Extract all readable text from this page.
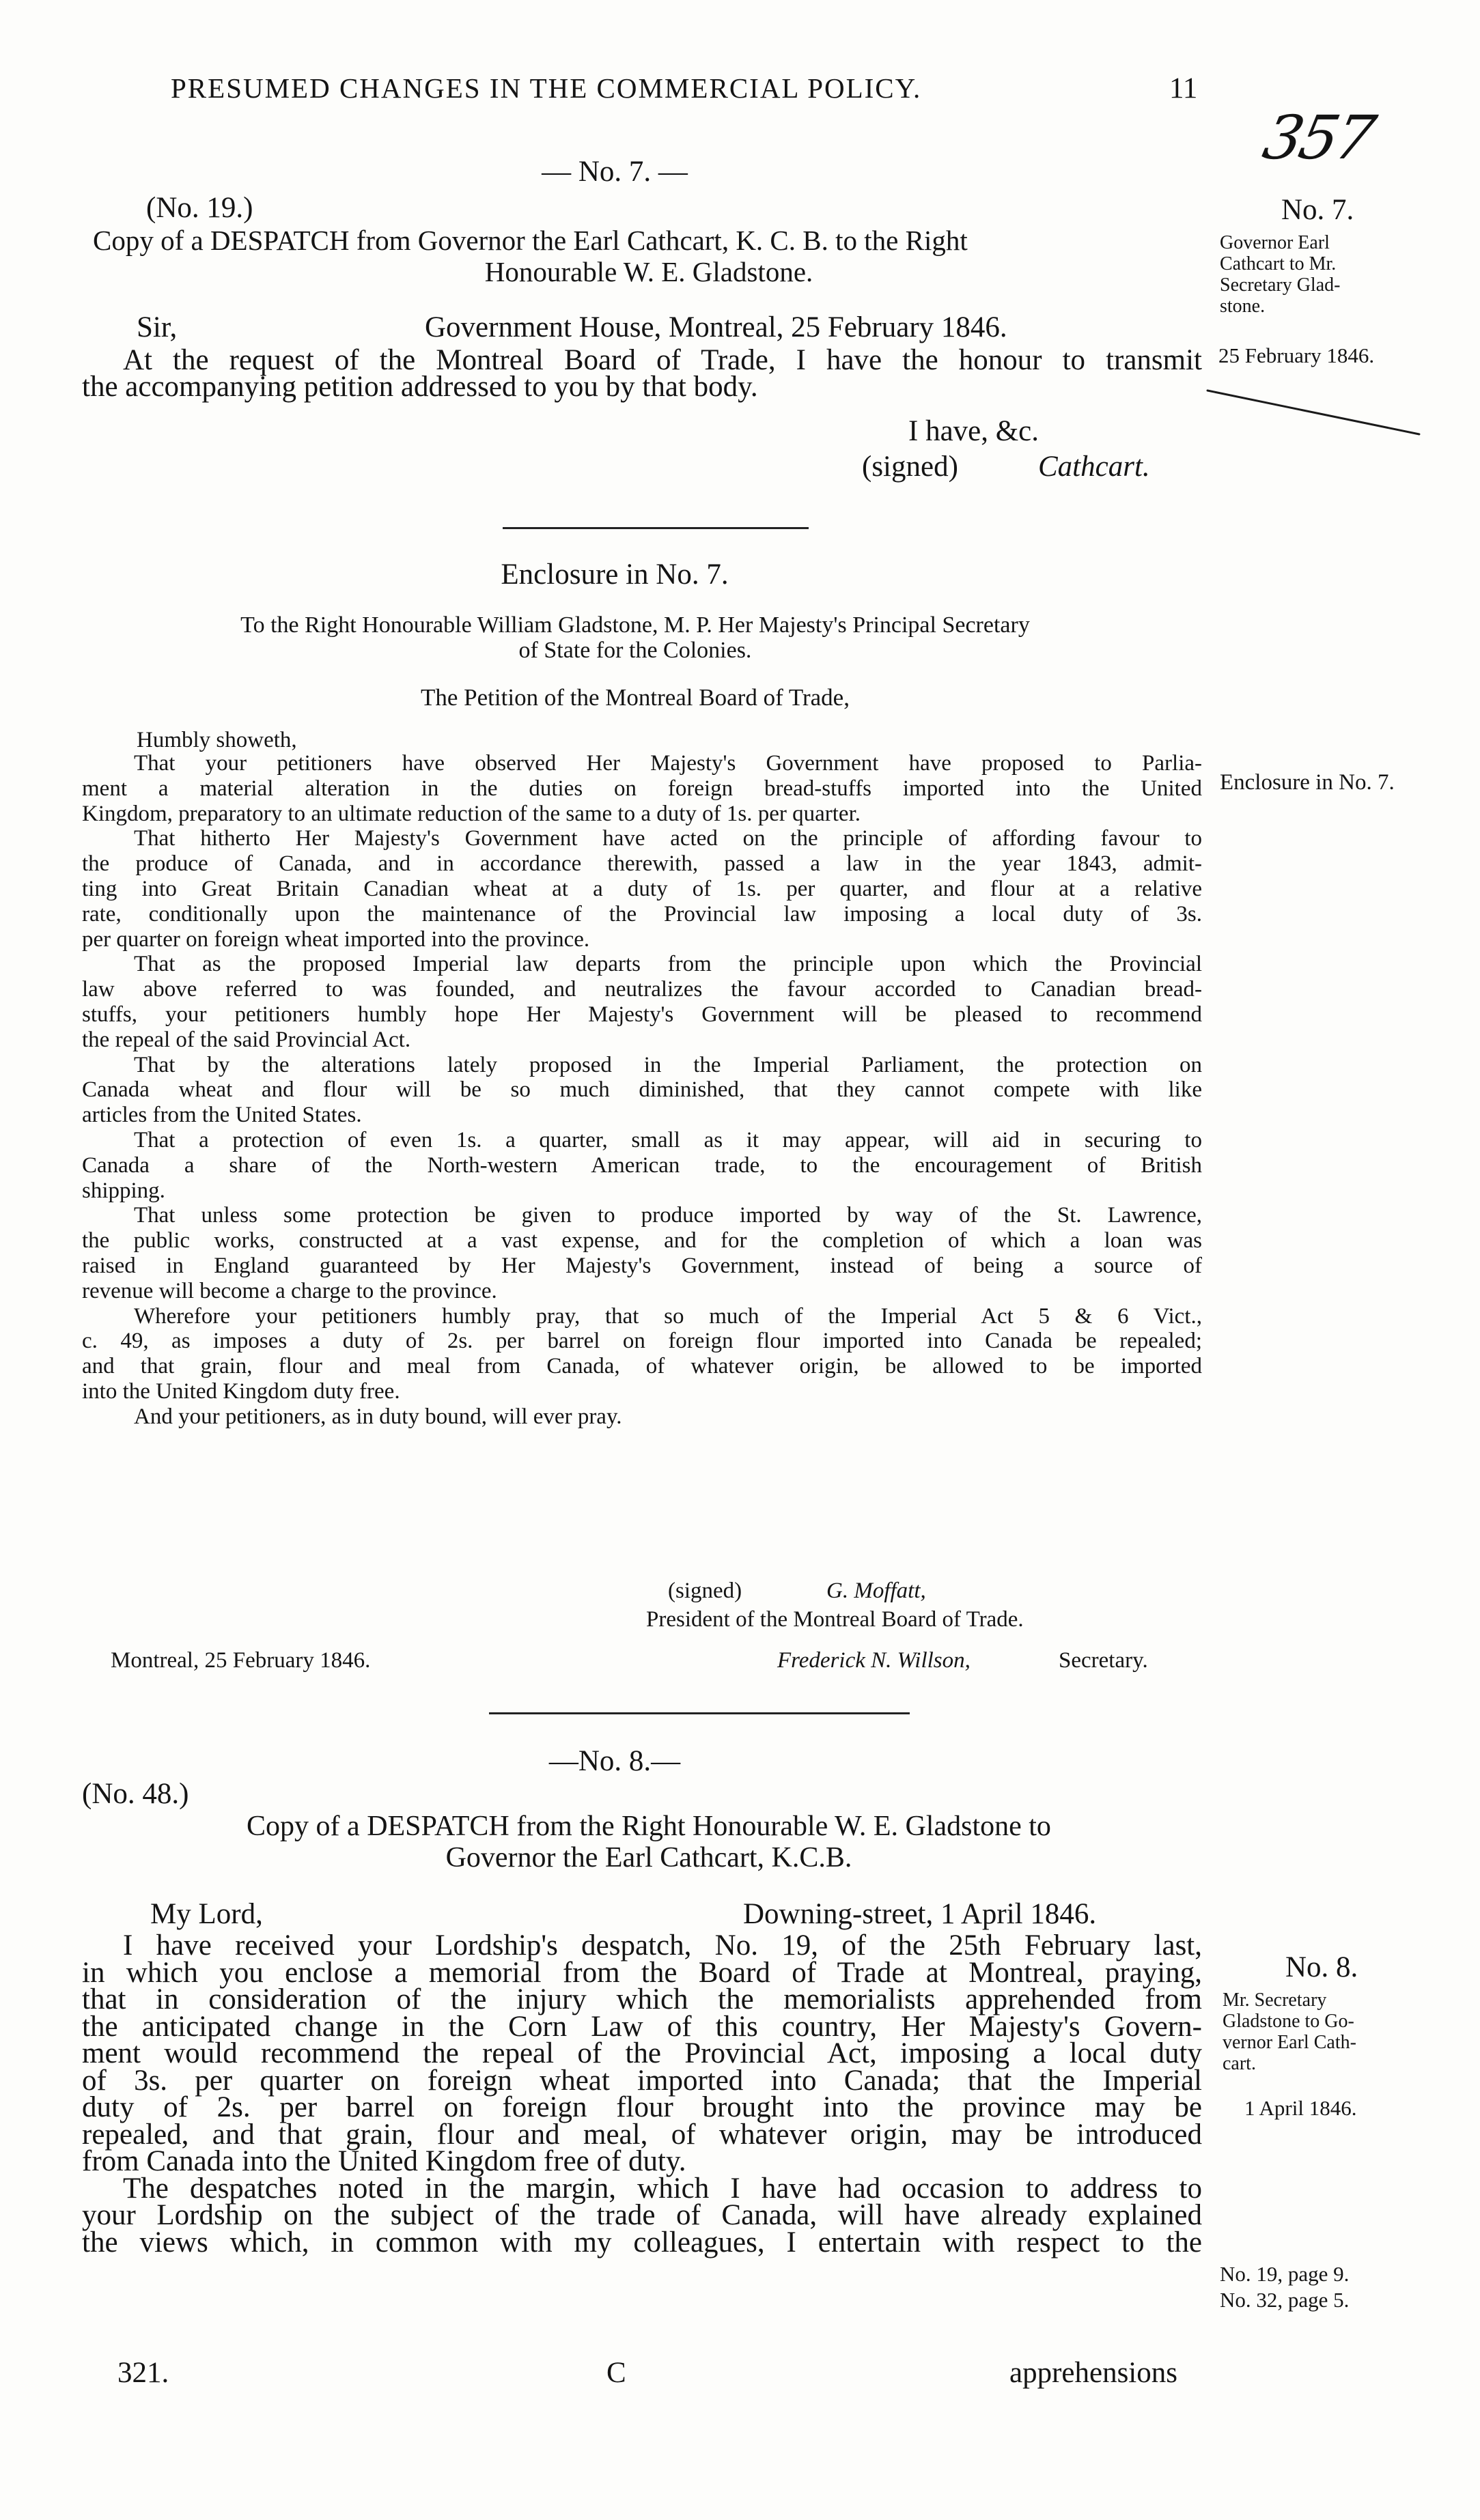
PRESUMED CHANGES IN THE COMMERCIAL POLICY.	11
357
— No. 7. —
(No. 19.)
Copy of a DESPATCH from Governor the Earl Cathcart, K. C. B. to the Right
Honourable W. E. Gladstone.
Sir,	Government House, Montreal, 25 February 1846.

At the request of the Montreal Board of Trade, I have the honour to transmit

the accompanying petition addressed to you by that body.

I have, &c.
(signed)	Cathcart.
No. 7.
Governor Earl
Cathcart to Mr.
Secretary Glad-
stone.
25 February 1846.
Enclosure in No. 7.
To the Right Honourable William Gladstone, M. P. Her Majesty's Principal Secretary
of State for the Colonies.
The Petition of the Montreal Board of Trade,
Humbly showeth,

That your petitioners have observed Her Majesty's Government have proposed to Parlia-

ment a material alteration in the duties on foreign bread-stuffs imported into the United

Kingdom, preparatory to an ultimate reduction of the same to a duty of 1s. per quarter.

That hitherto Her Majesty's Government have acted on the principle of affording favour to

the produce of Canada, and in accordance therewith, passed a law in the year 1843, admit-

ting into Great Britain Canadian wheat at a duty of 1s. per quarter, and flour at a relative

rate, conditionally upon the maintenance of the Provincial law imposing a local duty of 3s.

per quarter on foreign wheat imported into the province.

That as the proposed Imperial law departs from the principle upon which the Provincial

law above referred to was founded, and neutralizes the favour accorded to Canadian bread-

stuffs, your petitioners humbly hope Her Majesty's Government will be pleased to recommend

the repeal of the said Provincial Act.

That by the alterations lately proposed in the Imperial Parliament, the protection on

Canada wheat and flour will be so much diminished, that they cannot compete with like

articles from the United States.

That a protection of even 1s. a quarter, small as it may appear, will aid in securing to

Canada a share of the North-western American trade, to the encouragement of British

shipping.

That unless some protection be given to produce imported by way of the St. Lawrence,

the public works, constructed at a vast expense, and for the completion of which a loan was

raised in England guaranteed by Her Majesty's Government, instead of being a source of

revenue will become a charge to the province.

Wherefore your petitioners humbly pray, that so much of the Imperial Act 5 & 6 Vict.,

c. 49, as imposes a duty of 2s. per barrel on foreign flour imported into Canada be repealed;

and that grain, flour and meal from Canada, of whatever origin, be allowed to be imported

into the United Kingdom duty free.

And your petitioners, as in duty bound, will ever pray.

Enclosure in No. 7.
(signed)	G. Moffatt,
President of the Montreal Board of Trade.
Montreal, 25 February 1846.	Frederick N. Willson,	Secretary.
—No. 8.—
(No. 48.)
Copy of a DESPATCH from the Right Honourable W. E. Gladstone to
Governor the Earl Cathcart, K.C.B.
My Lord,	Downing-street, 1 April 1846.

I have received your Lordship's despatch, No. 19, of the 25th February last,

in which you enclose a memorial from the Board of Trade at Montreal, praying,

that in consideration of the injury which the memorialists apprehended from

the anticipated change in the Corn Law of this country, Her Majesty's Govern-

ment would recommend the repeal of the Provincial Act, imposing a local duty

of 3s. per quarter on foreign wheat imported into Canada; that the Imperial

duty of 2s. per barrel on foreign flour brought into the province may be

repealed, and that grain, flour and meal, of whatever origin, may be introduced

from Canada into the United Kingdom free of duty.

The despatches noted in the margin, which I have had occasion to address to

your Lordship on the subject of the trade of Canada, will have already explained

the views which, in common with my colleagues, I entertain with respect to the

No. 8.
Mr. Secretary
Gladstone to Go-
vernor Earl Cath-
cart.
1 April 1846.
No. 19, page 9.
No. 32, page 5.
321.	C	apprehensions
